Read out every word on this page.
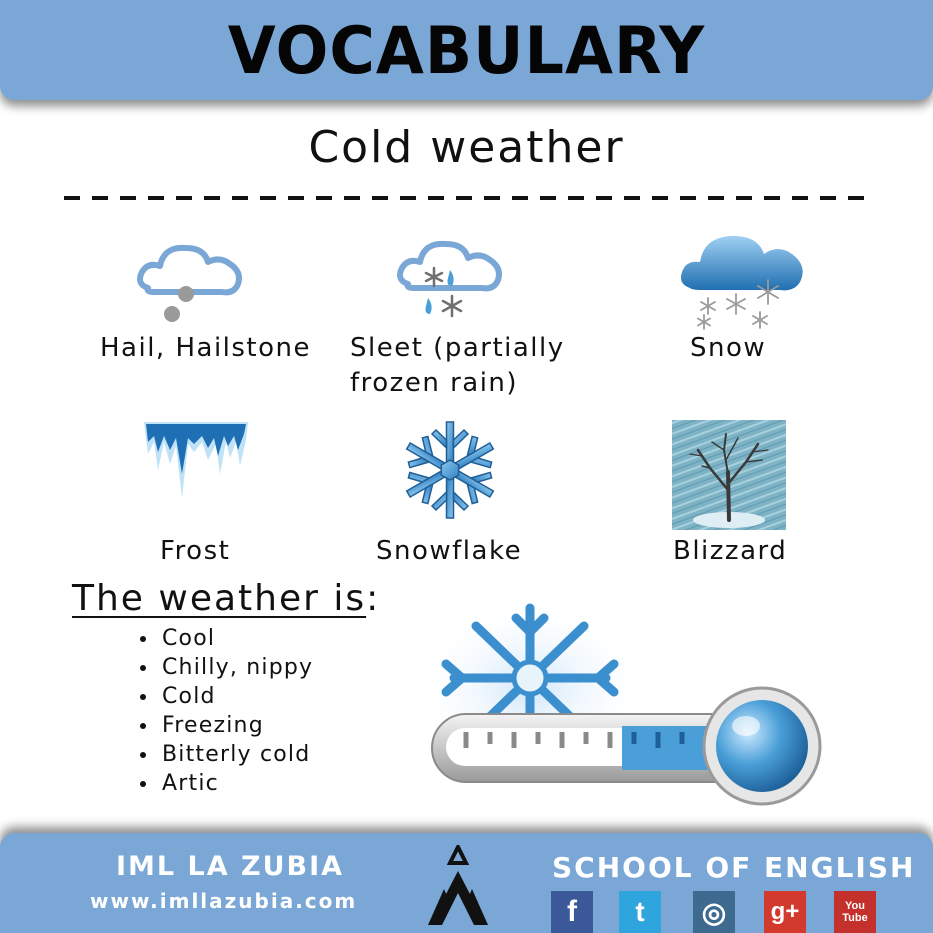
VOCABULARY
Cold weather
Hail, Hailstone Sleet (partially
frozen rain)
Snow
Frost	Snowflake	Blizzard
The weather is:
Cool
Chilly, nippy
Cold
Freezing
Bitterly cold
Artic
IML LA ZUBIA
www.imllazubia.com
SCHOOL OF ENGLISH
f	t	◎	g+	You Tube
